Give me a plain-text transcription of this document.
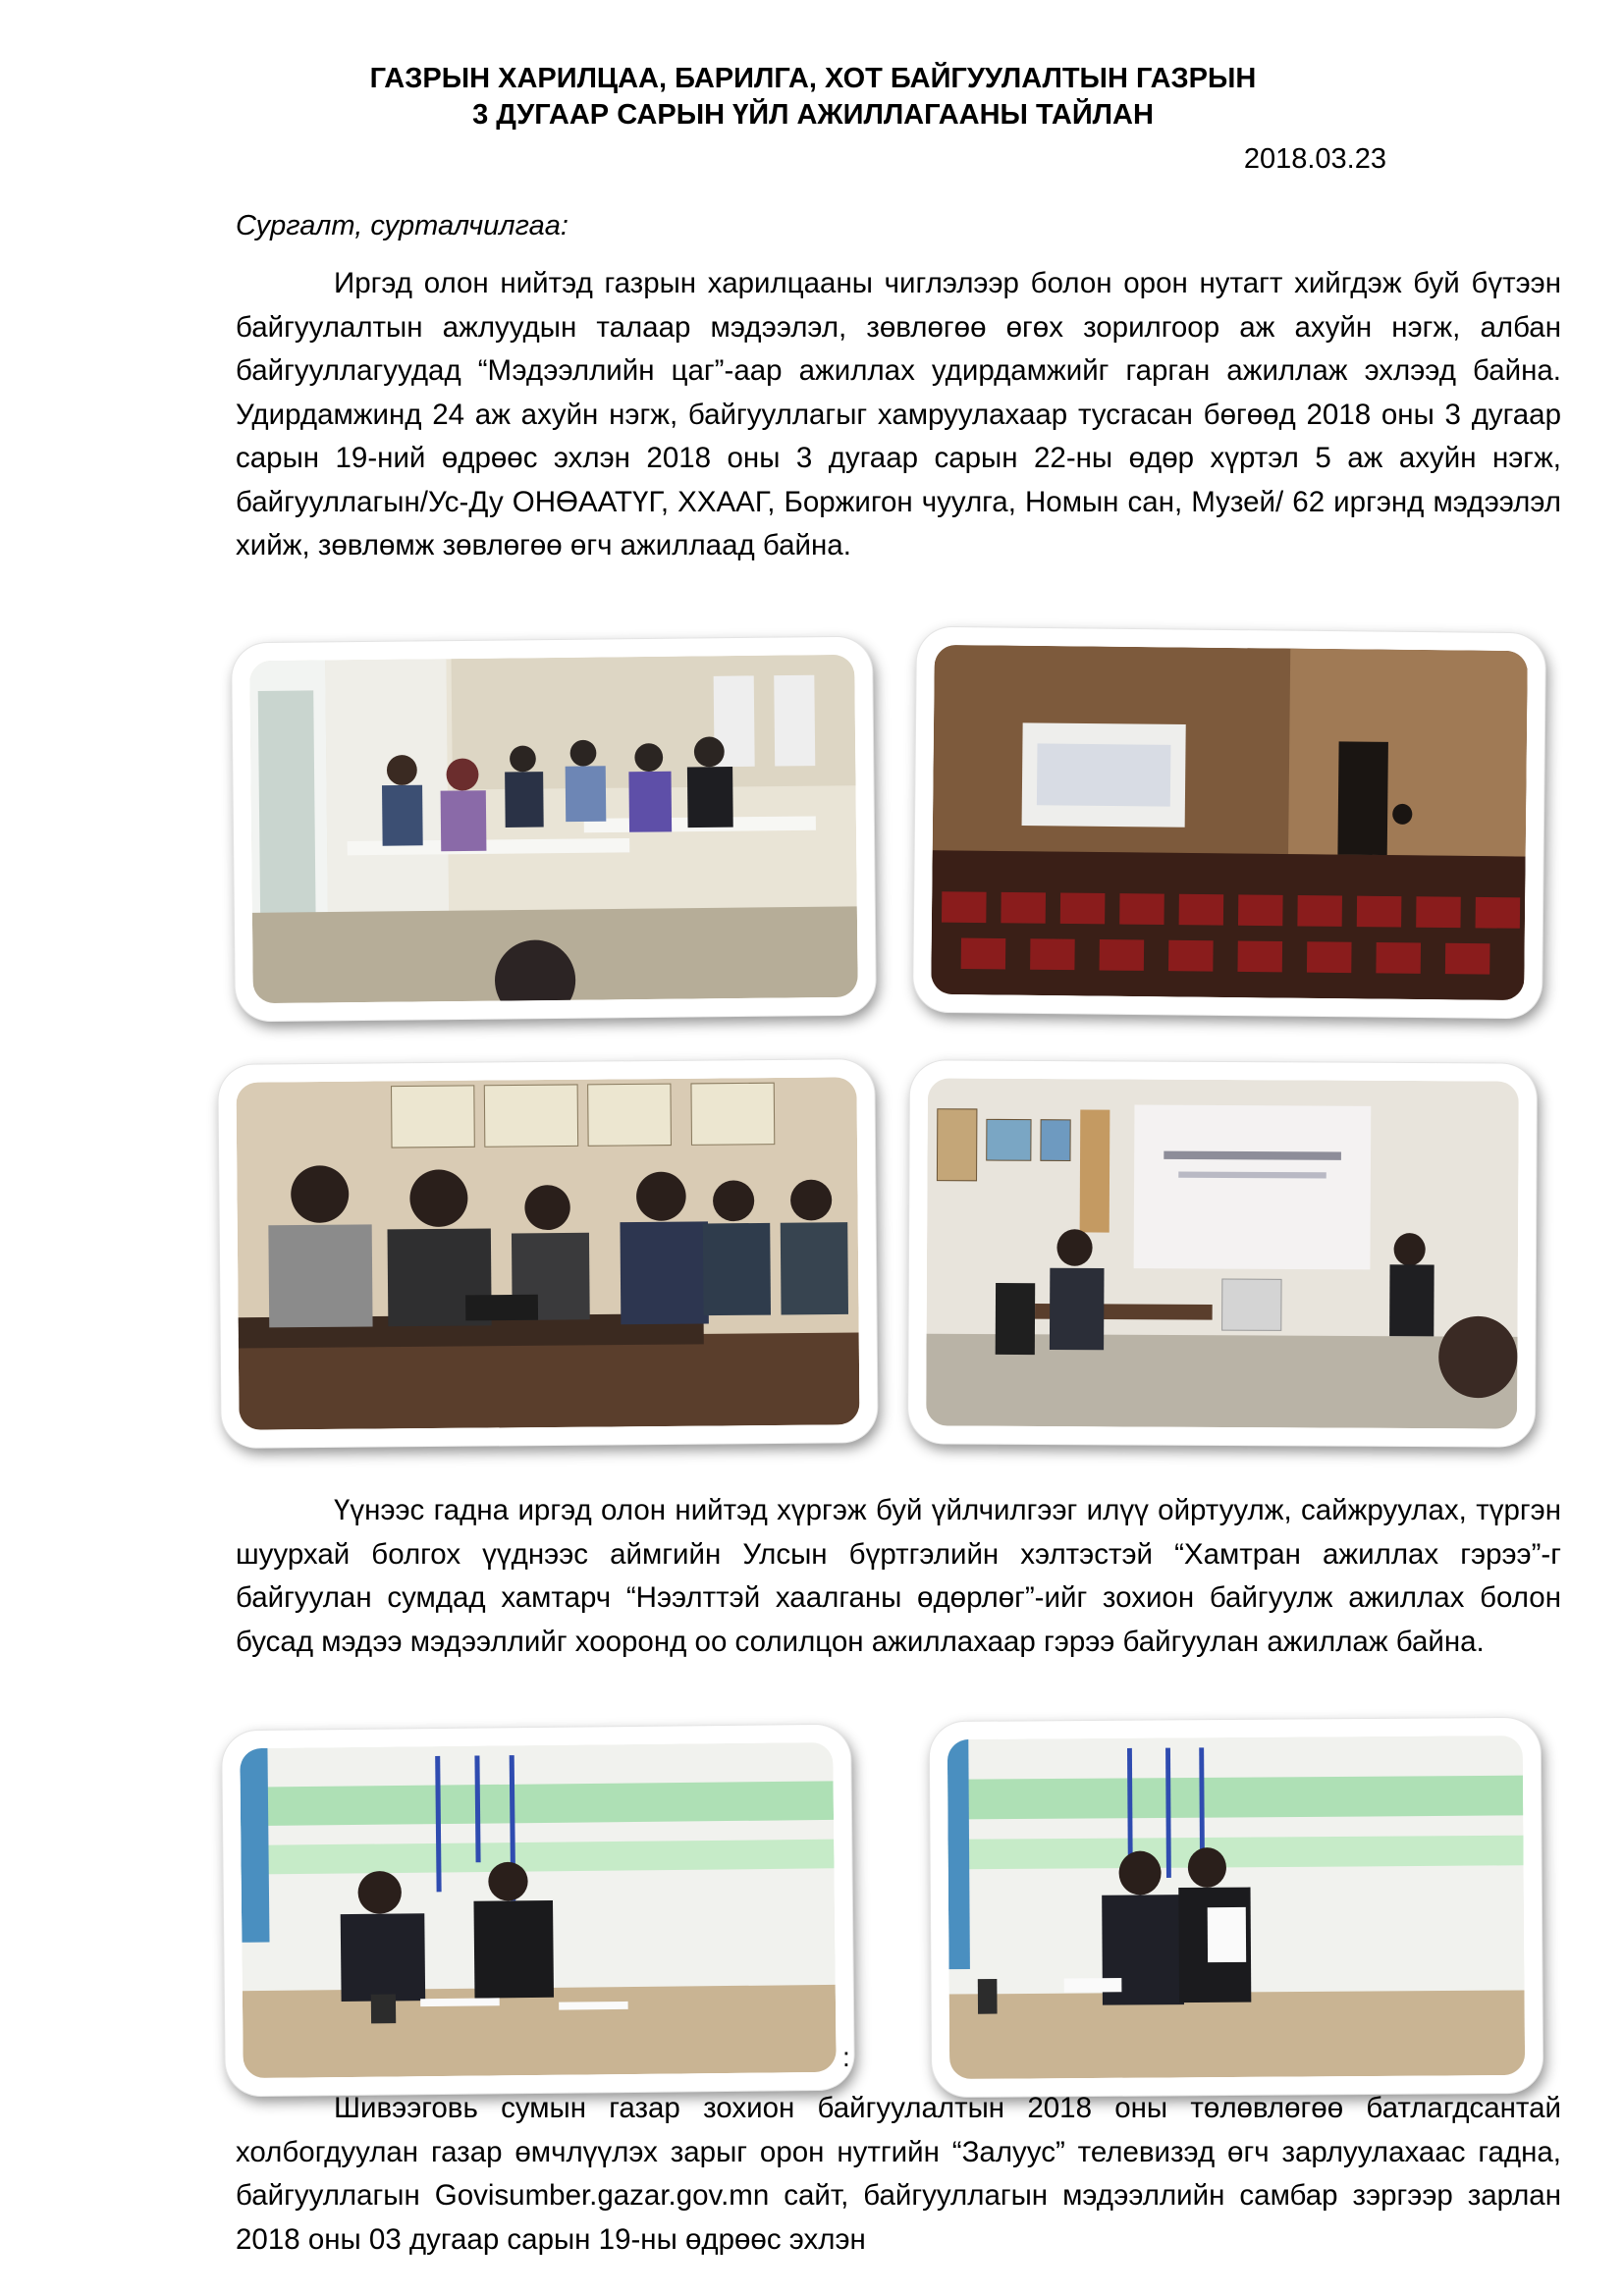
ГАЗРЫН ХАРИЛЦАА, БАРИЛГА, ХОТ БАЙГУУЛАЛТЫН ГАЗРЫН
3 ДУГААР САРЫН ҮЙЛ АЖИЛЛАГААНЫ ТАЙЛАН
2018.03.23
Сургалт, сурталчилгаа:
Иргэд олон нийтэд газрын харилцааны чиглэлээр болон орон нутагт хийгдэж буй бүтээн байгуулалтын ажлуудын талаар мэдээлэл, зөвлөгөө өгөх зорилгоор аж ахуйн нэгж, албан байгууллагуудад “Мэдээллийн цаг”-аар ажиллах удирдамжийг гарган ажиллаж эхлээд байна. Удирдамжинд 24 аж ахуйн нэгж, байгууллагыг хамруулахаар тусгасан бөгөөд 2018 оны 3 дугаар сарын 19-ний өдрөөс эхлэн 2018 оны 3 дугаар сарын 22-ны өдөр хүртэл 5 аж ахуйн нэгж, байгууллагын/Ус-Ду ОНӨААТҮГ, ХХААГ, Боржигон чуулга, Номын сан, Музей/ 62 иргэнд мэдээлэл хийж, зөвлөмж зөвлөгөө өгч ажиллаад байна.
Үүнээс гадна иргэд олон нийтэд хүргэж буй үйлчилгээг илүү ойртуулж, сайжруулах, түргэн шуурхай болгох үүднээс аймгийн Улсын бүртгэлийн хэлтэстэй “Хамтран ажиллах гэрээ”-г байгуулан сумдад хамтарч “Нээлттэй хаалганы өдөрлөг”-ийг зохион байгуулж ажиллах болон бусад мэдээ мэдээллийг хооронд оо солилцон ажиллахаар гэрээ байгуулан ажиллаж байна.
:
Шивээговь сумын газар зохион байгуулалтын 2018 оны төлөвлөгөө батлагдсантай холбогдуулан газар өмчлүүлэх зарыг орон нутгийн “Залуус” телевизэд өгч зарлуулахаас гадна, байгууллагын Govisumber.gazar.gov.mn сайт, байгууллагын мэдээллийн самбар зэргээр зарлан 2018 оны 03 дугаар сарын 19-ны өдрөөс эхлэн
